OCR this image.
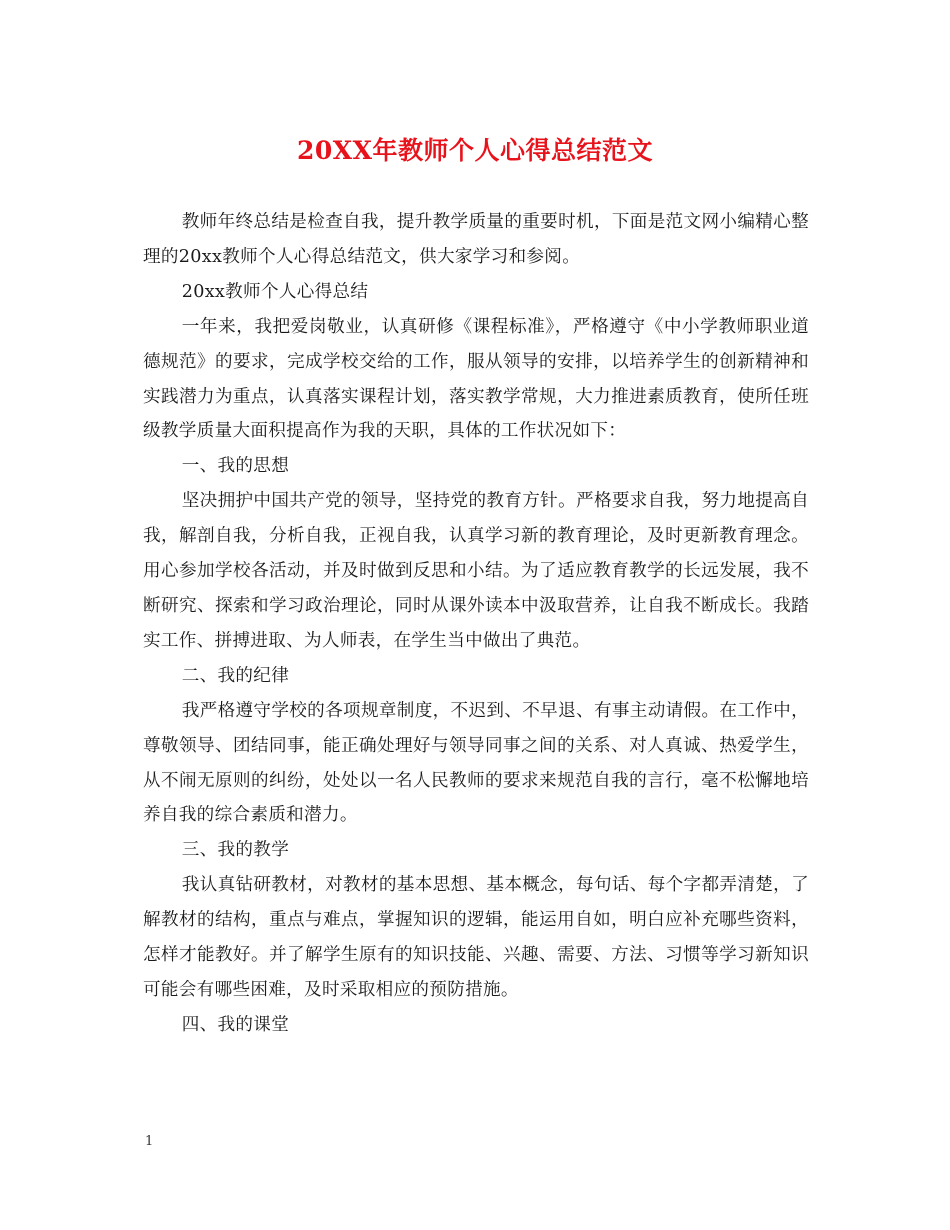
20XX年教师个人心得总结范文

教师年终总结是检查自我，提升教学质量的重要时机，下面是范文网小编精心整理的20xx教师个人心得总结范文，供大家学习和参阅。

20xx教师个人心得总结

一年来，我把爱岗敬业，认真研修《课程标准》，严格遵守《中小学教师职业道德规范》的要求，完成学校交给的工作，服从领导的安排，以培养学生的创新精神和实践潜力为重点，认真落实课程计划，落实教学常规，大力推进素质教育，使所任班级教学质量大面积提高作为我的天职，具体的工作状况如下：

一、我的思想

坚决拥护中国共产党的领导，坚持党的教育方针。严格要求自我，努力地提高自我，解剖自我，分析自我，正视自我，认真学习新的教育理论，及时更新教育理念。用心参加学校各活动，并及时做到反思和小结。为了适应教育教学的长远发展，我不断研究、探索和学习政治理论，同时从课外读本中汲取营养，让自我不断成长。我踏实工作、拼搏进取、为人师表，在学生当中做出了典范。

二、我的纪律

我严格遵守学校的各项规章制度，不迟到、不早退、有事主动请假。在工作中，尊敬领导、团结同事，能正确处理好与领导同事之间的关系、对人真诚、热爱学生，从不闹无原则的纠纷，处处以一名人民教师的要求来规范自我的言行，毫不松懈地培养自我的综合素质和潜力。

三、我的教学

我认真钻研教材，对教材的基本思想、基本概念，每句话、每个字都弄清楚，了解教材的结构，重点与难点，掌握知识的逻辑，能运用自如，明白应补充哪些资料，怎样才能教好。并了解学生原有的知识技能、兴趣、需要、方法、习惯等学习新知识可能会有哪些困难，及时采取相应的预防措施。

四、我的课堂

1
